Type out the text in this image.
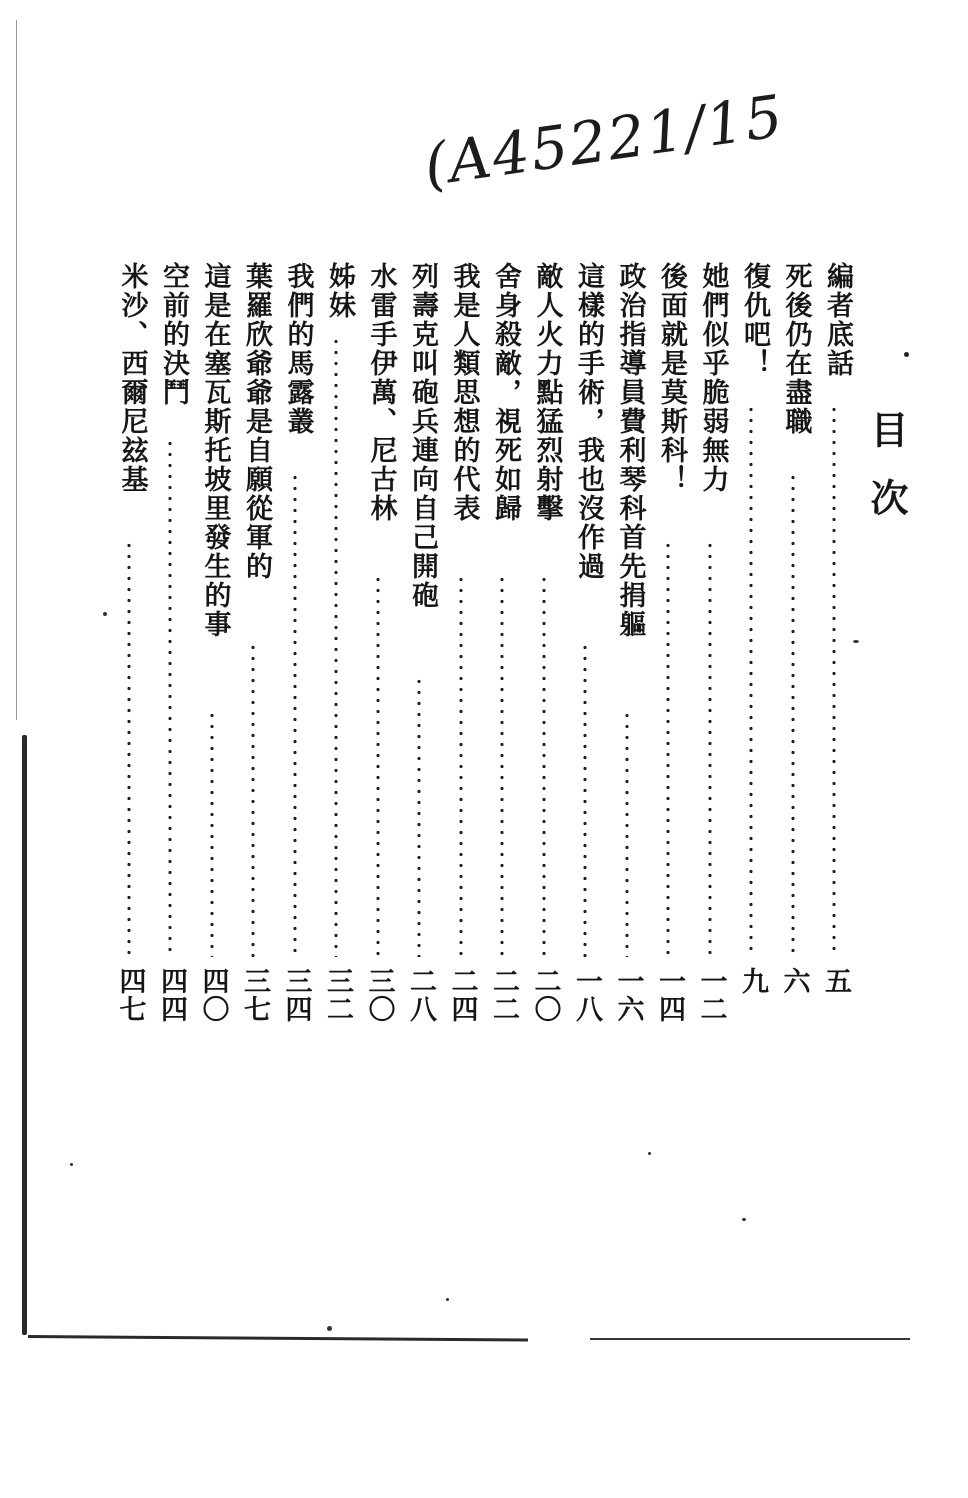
(A45221/15
目次
編者底話
五
死後仍在盡職
六
復仇吧！
九
她們似乎脆弱無力
一二
後面就是莫斯科！
一四
政治指導員費利琴科首先捐軀
一六
這樣的手術，我也沒作過
一八
敵人火力點猛烈射擊
二〇
舍身殺敵，視死如歸
二二
我是人類思想的代表
二四
列壽克叫砲兵連向自己開砲
二八
水雷手伊萬、尼古林
三〇
姊妹
三二
我們的馬露叢
三四
葉羅欣爺爺是自願從軍的
三七
這是在塞瓦斯托坡里發生的事
四〇
空前的決鬥
四四
米沙、西爾尼玆基
四七
